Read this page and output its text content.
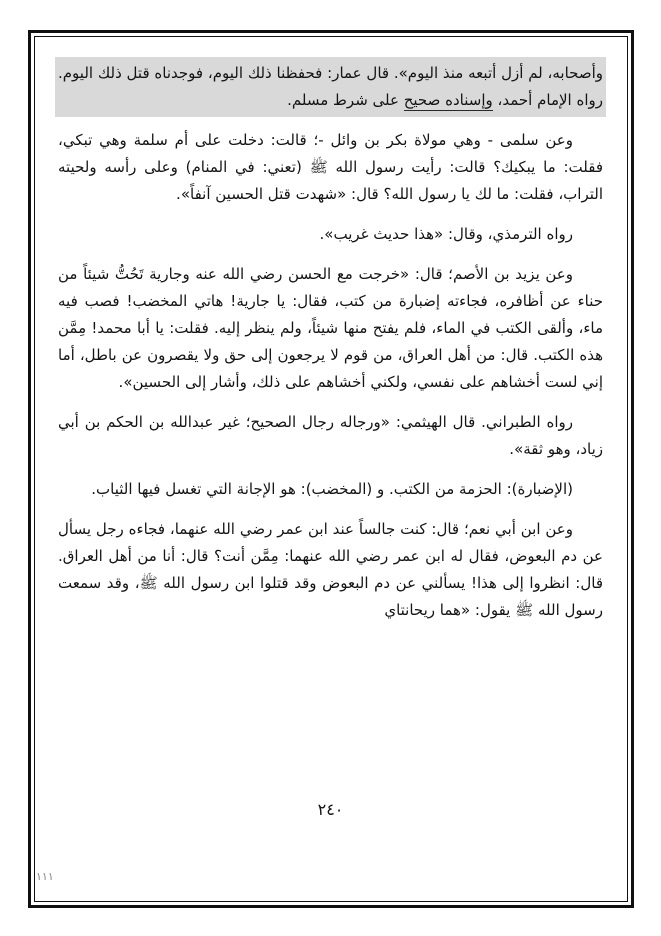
وأصحابه، لم أزل أتبعه منذ اليوم». قال عمار: فحفظنا ذلك اليوم، فوجدناه قتل ذلك اليوم. رواه الإمام أحمد، وإسناده صحيح على شرط مسلم.

وعن سلمى - وهي مولاة بكر بن وائل -؛ قالت: دخلت على أم سلمة وهي تبكي، فقلت: ما يبكيك؟ قالت: رأيت رسول الله ﷺ (تعني: في المنام) وعلى رأسه ولحيته التراب، فقلت: ما لك يا رسول الله؟ قال: «شهدت قتل الحسين آنفاً».

رواه الترمذي، وقال: «هذا حديث غريب».

وعن يزيد بن الأصم؛ قال: «خرجت مع الحسن رضي الله عنه وجارية تَحُتُّ شيئاً من حناء عن أظافره، فجاءته إضبارة من كتب، فقال: يا جارية! هاتي المخضب! فصب فيه ماء، وألقى الكتب في الماء، فلم يفتح منها شيئاً، ولم ينظر إليه. فقلت: يا أبا محمد! مِمَّن هذه الكتب. قال: من أهل العراق، من قوم لا يرجعون إلى حق ولا يقصرون عن باطل، أما إني لست أخشاهم على نفسي، ولكني أخشاهم على ذلك، وأشار إلى الحسين».

رواه الطبراني. قال الهيثمي: «ورجاله رجال الصحيح؛ غير عبدالله بن الحكم بن أبي زياد، وهو ثقة».

(الإضبارة): الحزمة من الكتب. و (المخضب): هو الإجانة التي تغسل فيها الثياب.

وعن ابن أبي نعم؛ قال: كنت جالساً عند ابن عمر رضي الله عنهما، فجاءه رجل يسأل عن دم البعوض، فقال له ابن عمر رضي الله عنهما: مِمَّن أنت؟ قال: أنا من أهل العراق. قال: انظروا إلى هذا! يسألني عن دم البعوض وقد قتلوا ابن رسول الله ﷺ، وقد سمعت رسول الله ﷺ يقول: «هما ريحانتاي

٢٤٠
١١١
